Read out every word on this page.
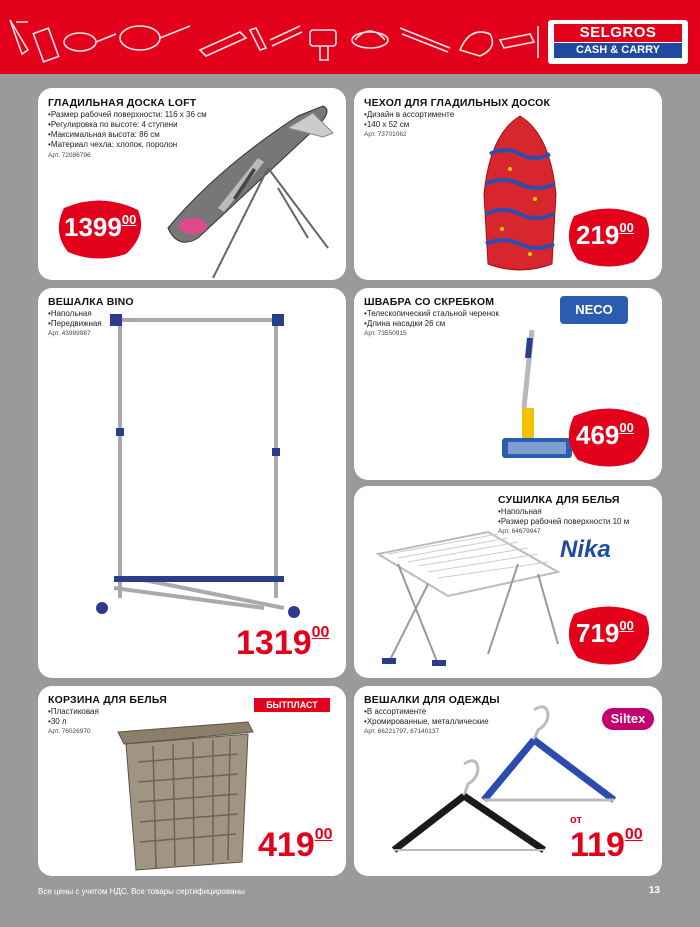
SELGROS
CASH & CARRY
ГЛАДИЛЬНАЯ ДОСКА LOFT
• Размер рабочей поверхности: 116 х 36 см
• Регулировка по высоте: 4 ступени
• Максимальная высота: 86 см
• Материал чехла: хлопок, поролон
Арт. 72086796
1399$^{00}$
ЧЕХОЛ ДЛЯ ГЛАДИЛЬНЫХ ДОСОК
• Дизайн в ассортименте
• 140 х 52 см
Арт. 73701062
$219^{00}$
ВЕШАЛКА BINO
• Напольная
• Передвижная
Арт. 43989987
131900
ШВАБРА СО СКРЕБКОМ
• Телескопический стальной черенок
• Длина насадки 26 см
Арт. 73550915
NECO
$469^{00}$
СУШИЛКА ДЛЯ БЕЛЬЯ
• Напольная
• Размер рабочей поверхности 10 м
Арт. 64679947
Nika
$719^{00}$
КОРЗИНА ДЛЯ БЕЛЬЯ
• Пластиковая
• 30 л
Арт. 76026970
БЫТПЛАСТ
41900
ВЕШАЛКИ ДЛЯ ОДЕЖДЫ
• В ассортименте
• Хромированные, металлические
Арт. 66221797, 67140137
Siltex
от
11900
Все цены с учетом НДС. Все товары сертифицированы	13
